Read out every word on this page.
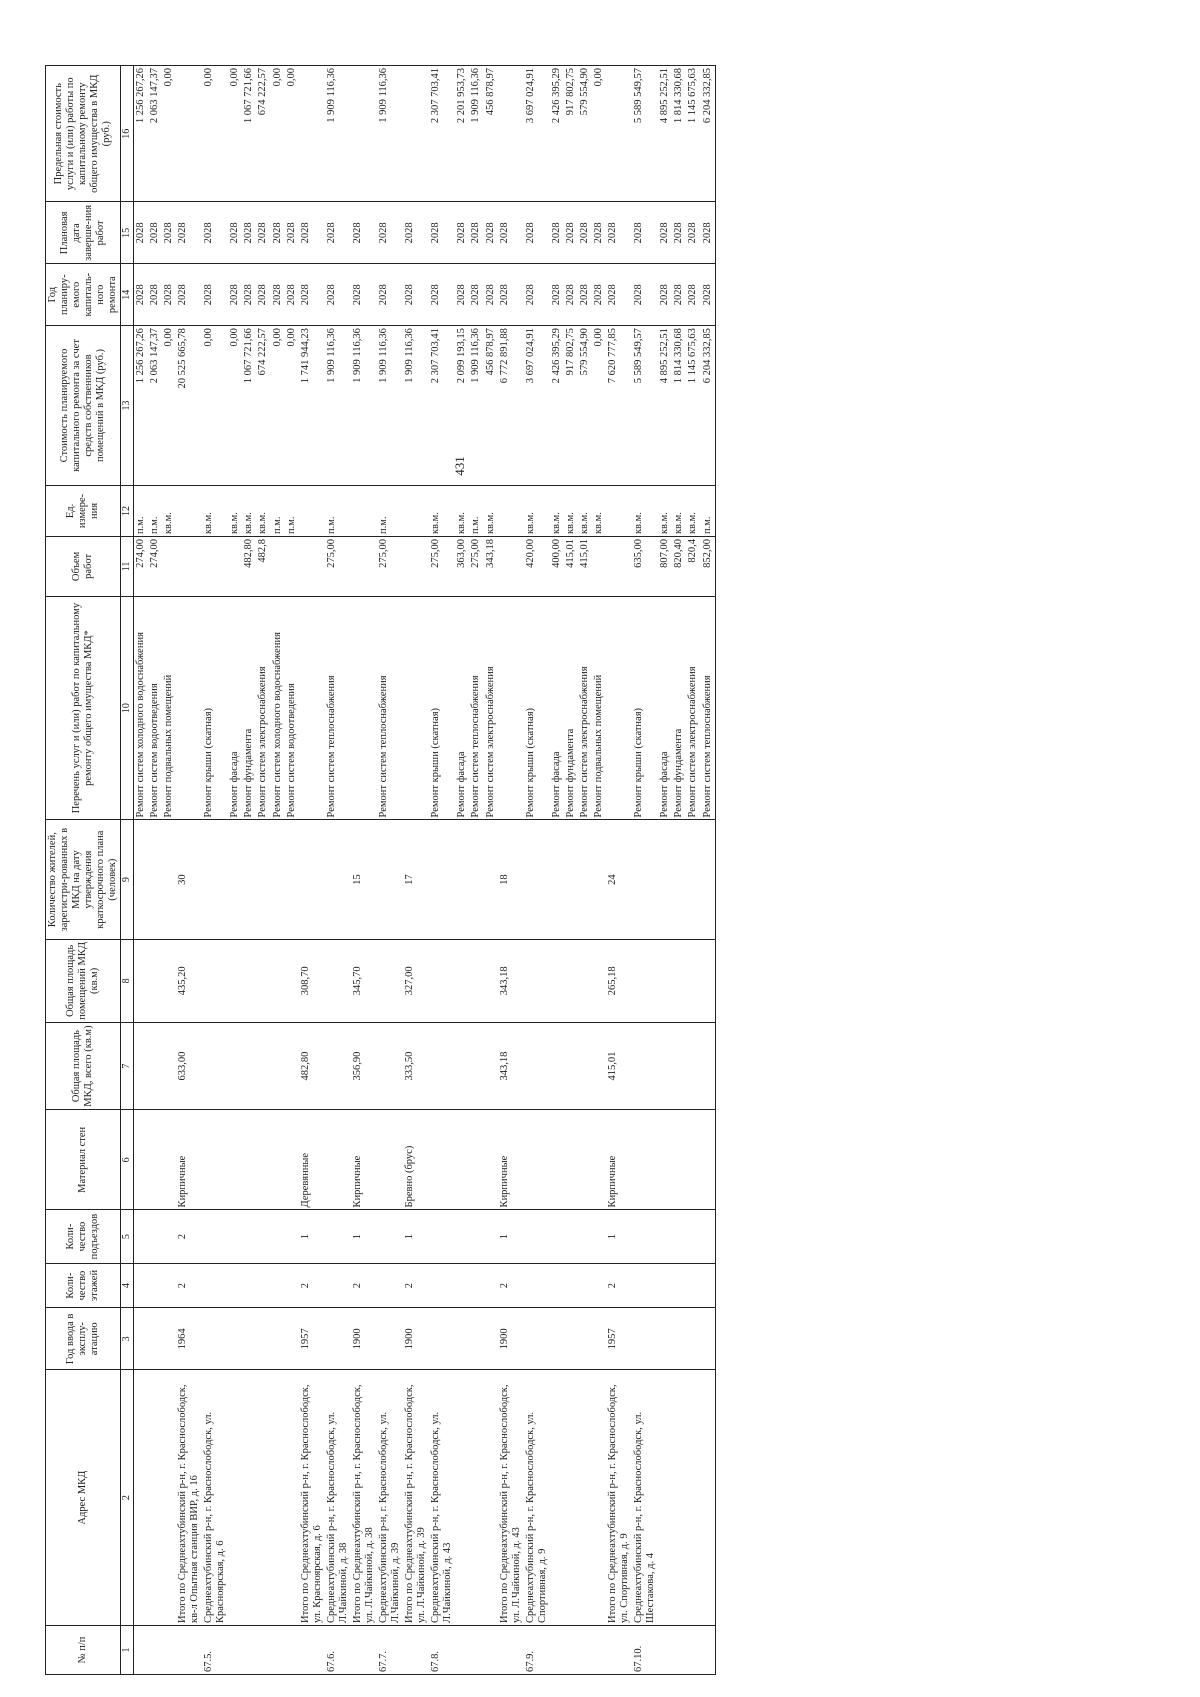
431
№ п/п	Адрес МКД	Год ввода в эксплу-атацию	Коли-чество этажей	Коли-чество подъездов	Материал стен	Общая площадь МКД, всего (кв.м)	Общая площадь помещений МКД (кв.м)	Количество жителей, зарегистри-рованных в МКД на дату утверждения краткосрочного плана (человек)	Перечень услуг и (или) работ по капитальному ремонту общего имущества МКД*	Объем работ	Ед. измере-ния	Стоимость планируемого капитального ремонта за счет средств собственников помещений в МКД (руб.)	Год планиру-емого капиталь-ного ремонта	Плановая дата заверше-ния работ	Предельная стоимость услуги и (или) работы по капитальному ремонту общего имущества в МКД (руб.)
1	2	3	4	5	6	7	8	9	10	11	12	13	14	15	16
									Ремонт систем холодного водоснабжения	274,00	п.м.	1 256 267,26	2028	2028	1 256 267,26
									Ремонт систем водоотведения	274,00	п.м.	2 063 147,37	2028	2028	2 063 147,37
									Ремонт подвальных помещений		кв.м.	0,00	2028	2028	0,00
	Итого по Среднеахтубинский р-н, г. Краснослободск, кв-л Опытная станция ВИР, д. 16	1964	2	2	Кирпичные	633,00	435,20	30				20 525 665,78	2028	2028	
67.5.	Среднеахтубинский р-н, г. Краснослободск, ул. Красноярская, д. 6								Ремонт крыши (скатная)		кв.м.	0,00	2028	2028	0,00
									Ремонт фасада		кв.м.	0,00	2028	2028	0,00
									Ремонт фундамента	482,80	кв.м.	1 067 721,66	2028	2028	1 067 721,66
									Ремонт систем электроснабжения	482,8	кв.м.	674 222,57	2028	2028	674 222,57
									Ремонт систем холодного водоснабжения		п.м.	0,00	2028	2028	0,00
									Ремонт систем водоотведения		п.м.	0,00	2028	2028	0,00
	Итого по Среднеахтубинский р-н, г. Краснослободск, ул. Красноярская, д. 6	1957	2	1	Деревянные	482,80	308,70					1 741 944,23	2028	2028	
67.6.	Среднеахтубинский р-н, г. Краснослободск, ул. Л.Чайкиной, д. 38								Ремонт систем теплоснабжения	275,00	п.м.	1 909 116,36	2028	2028	1 909 116,36
	Итого по Среднеахтубинский р-н, г. Краснослободск, ул. Л.Чайкиной, д. 38	1900	2	1	Кирпичные	356,90	345,70	15				1 909 116,36	2028	2028	
67.7.	Среднеахтубинский р-н, г. Краснослободск, ул. Л.Чайкиной, д. 39								Ремонт систем теплоснабжения	275,00	п.м.	1 909 116,36	2028	2028	1 909 116,36
	Итого по Среднеахтубинский р-н, г. Краснослободск, ул. Л.Чайкиной, д. 39	1900	2	1	Бревно (брус)	333,50	327,00	17				1 909 116,36	2028	2028	
67.8.	Среднеахтубинский р-н, г. Краснослободск, ул. Л.Чайкиной, д. 43								Ремонт крыши (скатная)	275,00	кв.м.	2 307 703,41	2028	2028	2 307 703,41
									Ремонт фасада	363,00	кв.м.	2 099 193,15	2028	2028	2 201 953,73
									Ремонт систем теплоснабжения	275,00	п.м.	1 909 116,36	2028	2028	1 909 116,36
									Ремонт систем электроснабжения	343,18	кв.м.	456 878,97	2028	2028	456 878,97
	Итого по Среднеахтубинский р-н, г. Краснослободск, ул. Л.Чайкиной, д. 43	1900	2	1	Кирпичные	343,18	343,18	18				6 772 891,88	2028	2028	
67.9.	Среднеахтубинский р-н, г. Краснослободск, ул. Спортивная, д. 9								Ремонт крыши (скатная)	420,00	кв.м.	3 697 024,91	2028	2028	3 697 024,91
									Ремонт фасада	400,00	кв.м.	2 426 395,29	2028	2028	2 426 395,29
									Ремонт фундамента	415,01	кв.м.	917 802,75	2028	2028	917 802,75
									Ремонт систем электроснабжения	415,01	кв.м.	579 554,90	2028	2028	579 554,90
									Ремонт подвальных помещений		кв.м.	0,00	2028	2028	0,00
	Итого по Среднеахтубинский р-н, г. Краснослободск, ул. Спортивная, д. 9	1957	2	1	Кирпичные	415,01	265,18	24				7 620 777,85	2028	2028	
67.10.	Среднеахтубинский р-н, г. Краснослободск, ул. Шестакова, д. 4								Ремонт крыши (скатная)	635,00	кв.м.	5 589 549,57	2028	2028	5 589 549,57
									Ремонт фасада	807,00	кв.м.	4 895 252,51	2028	2028	4 895 252,51
									Ремонт фундамента	820,40	кв.м.	1 814 330,68	2028	2028	1 814 330,68
									Ремонт систем электроснабжения	820,4	кв.м.	1 145 675,63	2028	2028	1 145 675,63
									Ремонт систем теплоснабжения	852,00	п.м.	6 204 332,85	2028	2028	6 204 332,85
